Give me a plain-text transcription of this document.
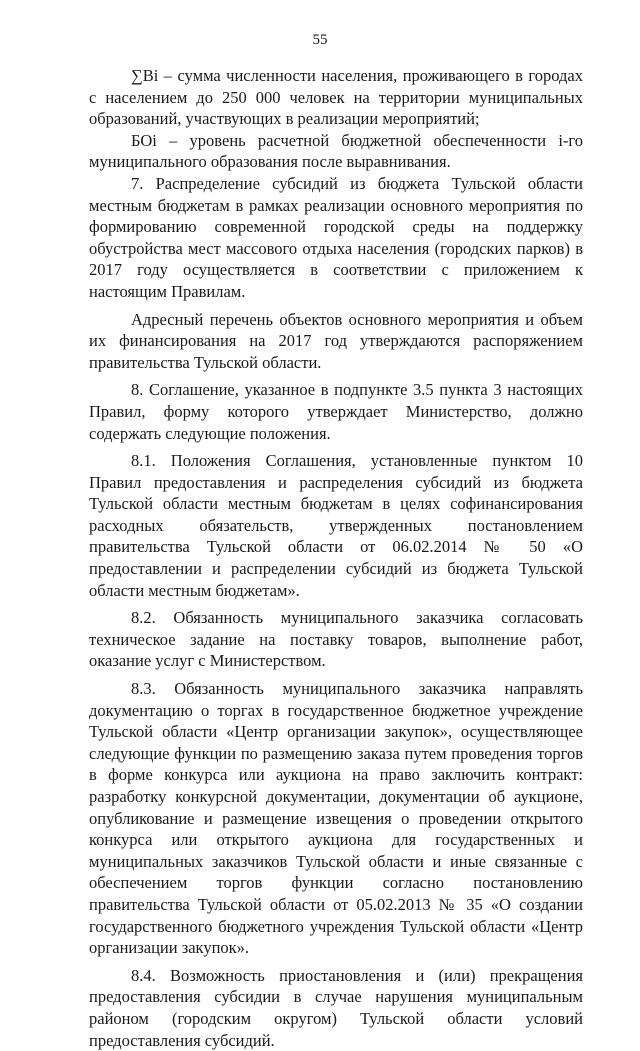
55

∑Bi – сумма численности населения, проживающего в городах с населением до 250 000 человек на территории муниципальных образований, участвующих в реализации мероприятий;

БОi – уровень расчетной бюджетной обеспеченности i-го муниципального образования после выравнивания.

7. Распределение субсидий из бюджета Тульской области местным бюджетам в рамках реализации основного мероприятия по формированию современной городской среды на поддержку обустройства мест массового отдыха населения (городских парков) в 2017 году осуществляется в соответствии с приложением к настоящим Правилам.

Адресный перечень объектов основного мероприятия и объем их финансирования на 2017 год утверждаются распоряжением правительства Тульской области.

8. Соглашение, указанное в подпункте 3.5 пункта 3 настоящих Правил, форму которого утверждает Министерство, должно содержать следующие положения.

8.1. Положения Соглашения, установленные пунктом 10 Правил предоставления и распределения субсидий из бюджета Тульской области местным бюджетам в целях софинансирования расходных обязательств, утвержденных постановлением правительства Тульской области от 06.02.2014 № 50 «О предоставлении и распределении субсидий из бюджета Тульской области местным бюджетам».

8.2. Обязанность муниципального заказчика согласовать техническое задание на поставку товаров, выполнение работ, оказание услуг с Министерством.

8.3. Обязанность муниципального заказчика направлять документацию о торгах в государственное бюджетное учреждение Тульской области «Центр организации закупок», осуществляющее следующие функции по размещению заказа путем проведения торгов в форме конкурса или аукциона на право заключить контракт: разработку конкурсной документации, документации об аукционе, опубликование и размещение извещения о проведении открытого конкурса или открытого аукциона для государственных и муниципальных заказчиков Тульской области и иные связанные с обеспечением торгов функции согласно постановлению правительства Тульской области от 05.02.2013 № 35 «О создании государственного бюджетного учреждения Тульской области «Центр организации закупок».

8.4. Возможность приостановления и (или) прекращения предоставления субсидии в случае нарушения муниципальным районом (городским округом) Тульской области условий предоставления субсидий.
